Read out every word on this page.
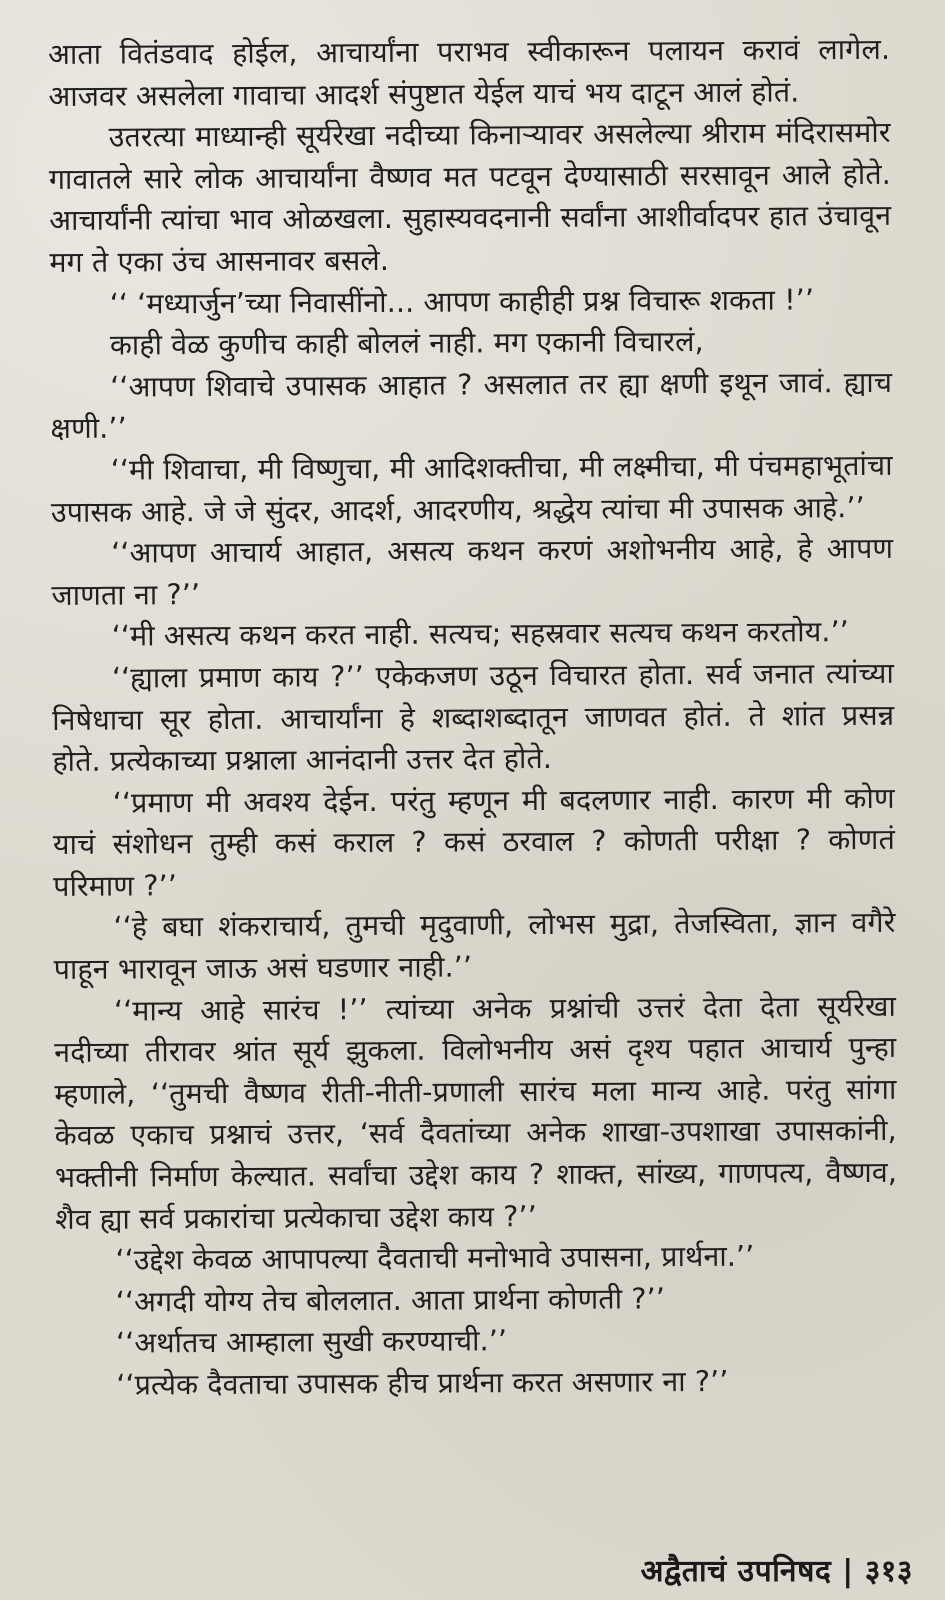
आता वितंडवाद होईल, आचार्यांना पराभव स्वीकारून पलायन करावं लागेल.
आजवर असलेला गावाचा आदर्श संपुष्टात येईल याचं भय दाटून आलं होतं.
उतरत्या माध्यान्ही सूर्यरेखा नदीच्या किनाऱ्यावर असलेल्या श्रीराम मंदिरासमोर
गावातले सारे लोक आचार्यांना वैष्णव मत पटवून देण्यासाठी सरसावून आले होते.
आचार्यांनी त्यांचा भाव ओळखला. सुहास्यवदनानी सर्वांना आशीर्वादपर हात उंचावून
मग ते एका उंच आसनावर बसले.
‘‘ ‘मध्यार्जुन’च्या निवासींनो... आपण काहीही प्रश्न विचारू शकता !’’
काही वेळ कुणीच काही बोललं नाही. मग एकानी विचारलं,
‘‘आपण शिवाचे उपासक आहात ? असलात तर ह्या क्षणी इथून जावं. ह्याच
क्षणी.’’
‘‘मी शिवाचा, मी विष्णुचा, मी आदिशक्तीचा, मी लक्ष्मीचा, मी पंचमहाभूतांचा
उपासक आहे. जे जे सुंदर, आदर्श, आदरणीय, श्रद्धेय त्यांचा मी उपासक आहे.’’
‘‘आपण आचार्य आहात, असत्य कथन करणं अशोभनीय आहे, हे आपण
जाणता ना ?’’
‘‘मी असत्य कथन करत नाही. सत्यच; सहस्रवार सत्यच कथन करतोय.’’
‘‘ह्याला प्रमाण काय ?’’ एकेकजण उठून विचारत होता. सर्व जनात त्यांच्या
निषेधाचा सूर होता. आचार्यांना हे शब्दाशब्दातून जाणवत होतं. ते शांत प्रसन्न
होते. प्रत्येकाच्या प्रश्नाला आनंदानी उत्तर देत होते.
‘‘प्रमाण मी अवश्य देईन. परंतु म्हणून मी बदलणार नाही. कारण मी कोण
याचं संशोधन तुम्ही कसं कराल ? कसं ठरवाल ? कोणती परीक्षा ? कोणतं
परिमाण ?’’
‘‘हे बघा शंकराचार्य, तुमची मृदुवाणी, लोभस मुद्रा, तेजस्विता, ज्ञान वगैरे
पाहून भारावून जाऊ असं घडणार नाही.’’
‘‘मान्य आहे सारंच !’’ त्यांच्या अनेक प्रश्नांची उत्तरं देता देता सूर्यरेखा
नदीच्या तीरावर श्रांत सूर्य झुकला. विलोभनीय असं दृश्य पहात आचार्य पुन्हा
म्हणाले, ‘‘तुमची वैष्णव रीती-नीती-प्रणाली सारंच मला मान्य आहे. परंतु सांगा
केवळ एकाच प्रश्नाचं उत्तर, ‘सर्व दैवतांच्या अनेक शाखा-उपशाखा उपासकांनी,
भक्तीनी निर्माण केल्यात. सर्वांचा उद्देश काय ? शाक्त, सांख्य, गाणपत्य, वैष्णव,
शैव ह्या सर्व प्रकारांचा प्रत्येकाचा उद्देश काय ?’’
‘‘उद्देश केवळ आपापल्या दैवताची मनोभावे उपासना, प्रार्थना.’’
‘‘अगदी योग्य तेच बोललात. आता प्रार्थना कोणती ?’’
‘‘अर्थातच आम्हाला सुखी करण्याची.’’
‘‘प्रत्येक दैवताचा उपासक हीच प्रार्थना करत असणार ना ?’’
अद्वैताचं उपनिषद | ३१३
